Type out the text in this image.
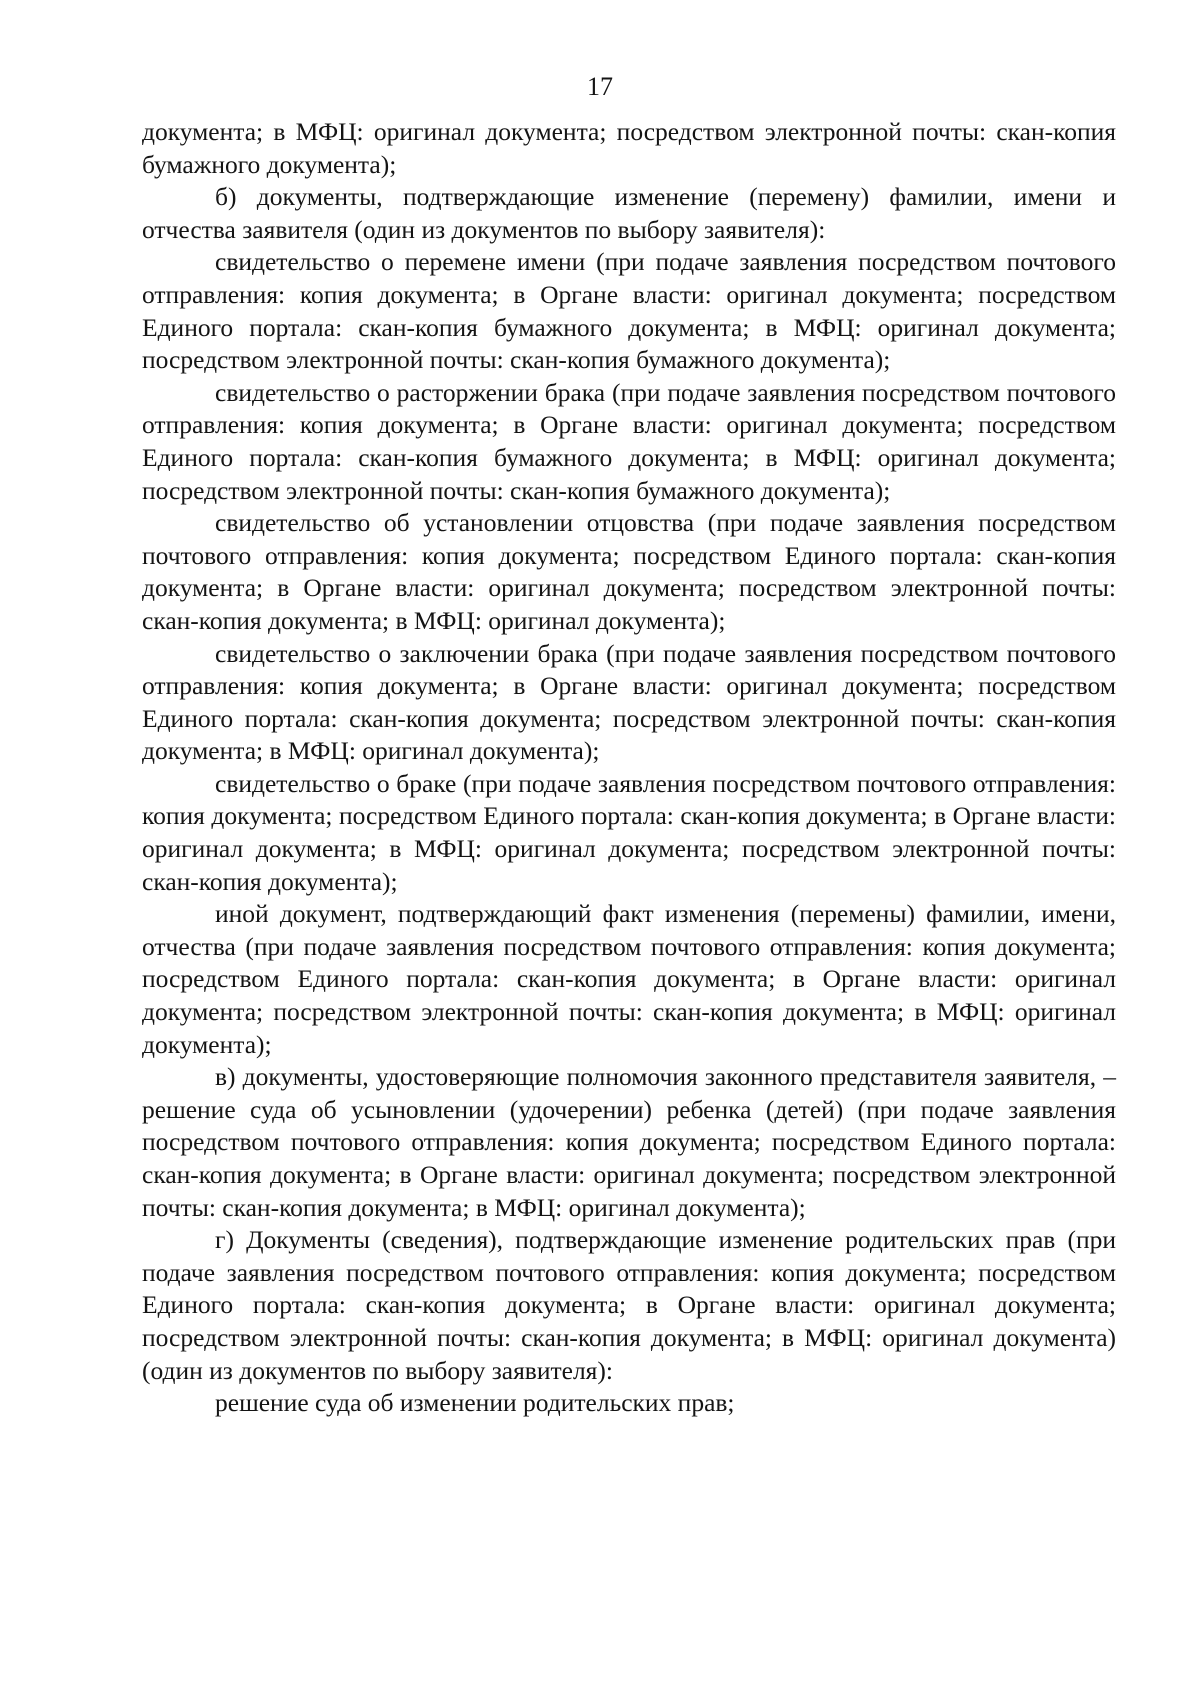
17

документа; в МФЦ: оригинал документа; посредством электронной почты: скан-копия бумажного документа);

б) документы, подтверждающие изменение (перемену) фамилии, имени и отчества заявителя (один из документов по выбору заявителя):

свидетельство о перемене имени (при подаче заявления посредством почтового отправления: копия документа; в Органе власти: оригинал документа; посредством Единого портала: скан-копия бумажного документа; в МФЦ: оригинал документа; посредством электронной почты: скан-копия бумажного документа);

свидетельство о расторжении брака (при подаче заявления посредством почтового отправления: копия документа; в Органе власти: оригинал документа; посредством Единого портала: скан-копия бумажного документа; в МФЦ: оригинал документа; посредством электронной почты: скан-копия бумажного документа);

свидетельство об установлении отцовства (при подаче заявления посредством почтового отправления: копия документа; посредством Единого портала: скан-копия документа; в Органе власти: оригинал документа; посредством электронной почты: скан-копия документа; в МФЦ: оригинал документа);

свидетельство о заключении брака (при подаче заявления посредством почтового отправления: копия документа; в Органе власти: оригинал документа; посредством Единого портала: скан-копия документа; посредством электронной почты: скан-копия документа; в МФЦ: оригинал документа);

свидетельство о браке (при подаче заявления посредством почтового отправления: копия документа; посредством Единого портала: скан-копия документа; в Органе власти: оригинал документа; в МФЦ: оригинал документа; посредством электронной почты: скан-копия документа);

иной документ, подтверждающий факт изменения (перемены) фамилии, имени, отчества (при подаче заявления посредством почтового отправления: копия документа; посредством Единого портала: скан-копия документа; в Органе власти: оригинал документа; посредством электронной почты: скан-копия документа; в МФЦ: оригинал документа);

в) документы, удостоверяющие полномочия законного представителя заявителя, – решение суда об усыновлении (удочерении) ребенка (детей) (при подаче заявления посредством почтового отправления: копия документа; посредством Единого портала: скан-копия документа; в Органе власти: оригинал документа; посредством электронной почты: скан-копия документа; в МФЦ: оригинал документа);

г) Документы (сведения), подтверждающие изменение родительских прав (при подаче заявления посредством почтового отправления: копия документа; посредством Единого портала: скан-копия документа; в Органе власти: оригинал документа; посредством электронной почты: скан-копия документа; в МФЦ: оригинал документа) (один из документов по выбору заявителя):

решение суда об изменении родительских прав;
